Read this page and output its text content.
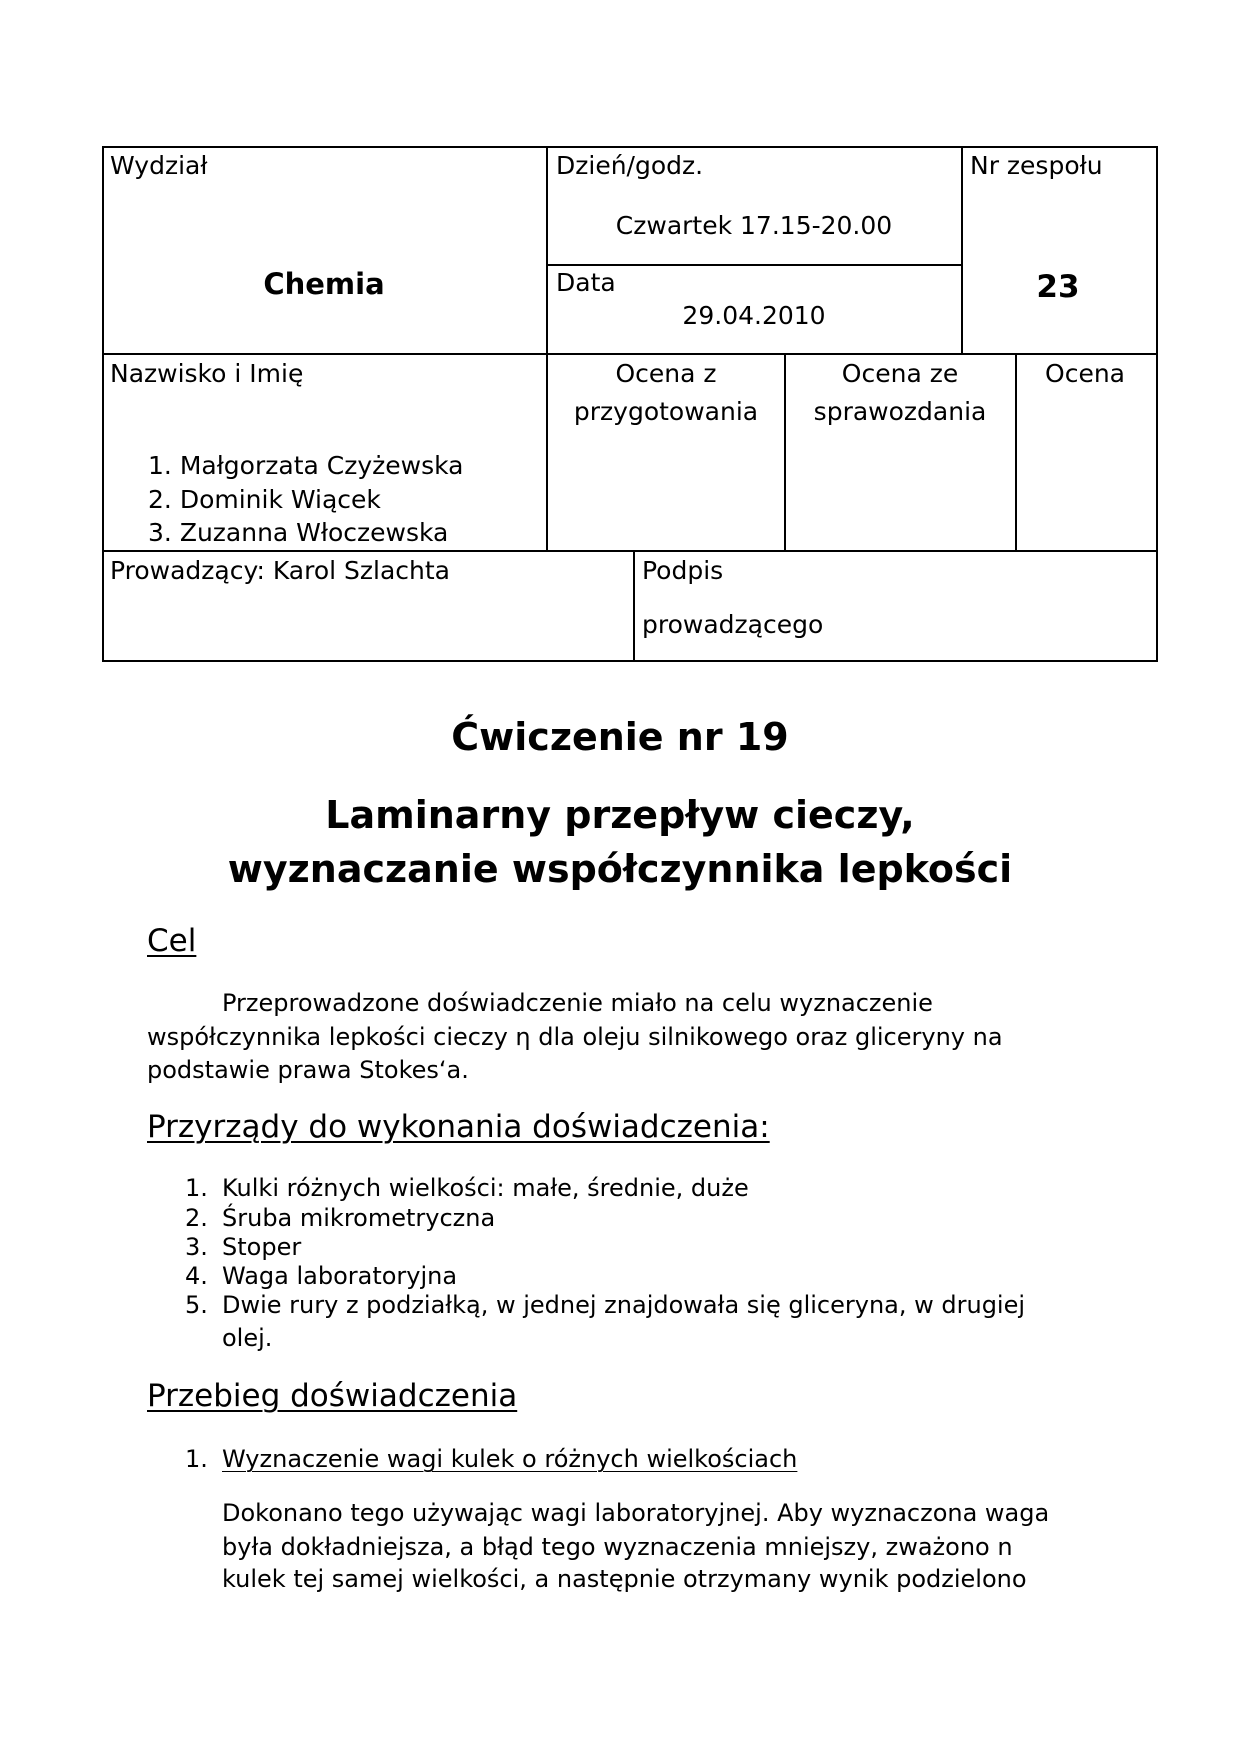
Wydział
Chemia
Dzień/godz.
Czwartek 17.15-20.00
Data
29.04.2010
Nr zespołu
23
Nazwisko i Imię
1. Małgorzata Czyżewska
2. Dominik Wiącek
3. Zuzanna Włoczewska
Ocena z
przygotowania
Ocena ze
sprawozdania
Ocena
Prowadzący: Karol Szlachta	Podpis
prowadzącego
Ćwiczenie nr 19
Laminarny przepływ cieczy,
wyznaczanie współczynnika lepkości
Cel
Przeprowadzone doświadczenie miało na celu wyznaczenie
współczynnika lepkości cieczy η dla oleju silnikowego oraz gliceryny na
podstawie prawa Stokes‘a.
Przyrządy do wykonania doświadczenia:
1. Kulki różnych wielkości: małe, średnie, duże
2. Śruba mikrometryczna
3. Stoper
4. Waga laboratoryjna
5. Dwie rury z podziałką, w jednej znajdowała się gliceryna, w drugiej
olej.
Przebieg doświadczenia
1. Wyznaczenie wagi kulek o różnych wielkościach
Dokonano tego używając wagi laboratoryjnej. Aby wyznaczona waga
była dokładniejsza, a błąd tego wyznaczenia mniejszy, zważono n
kulek tej samej wielkości, a następnie otrzymany wynik podzielono
